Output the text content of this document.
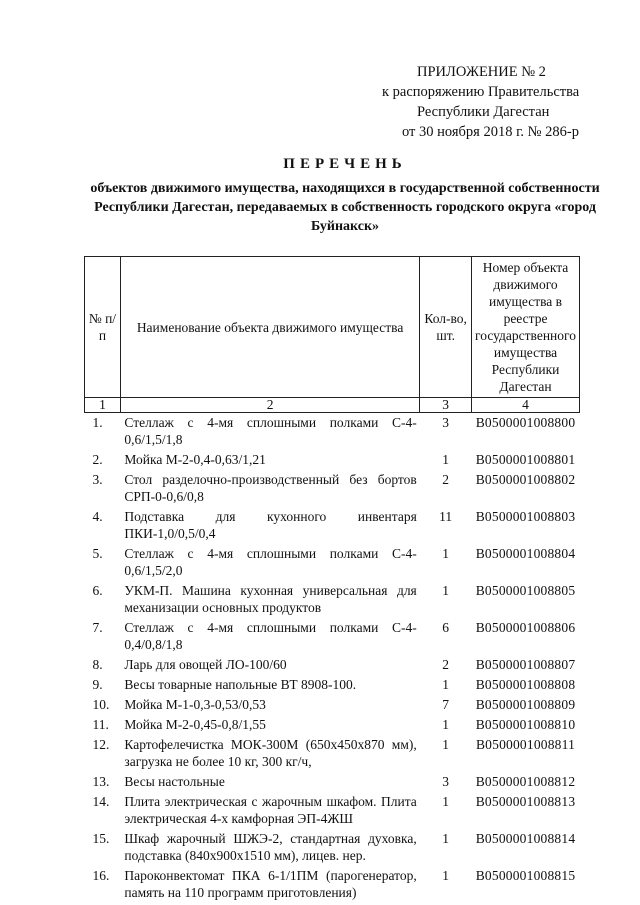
ПРИЛОЖЕНИЕ № 2
к распоряжению Правительства
Республики Дагестан
от 30 ноября 2018 г. № 286-р
ПЕРЕЧЕНЬ
объектов движимого имущества, находящихся в государственной собственности Республики Дагестан, передаваемых в собственность городского округа «город Буйнакск»
№ п/п	Наименование объекта движимого имущества	Кол-во, шт.	Номер объекта движимого имущества в реестре государственного имущества Республики Дагестан
1	2	3	4
1.	Стеллаж с 4-мя сплошными полками С-4-0,6/1,5/1,8	3	В0500001008800
2.	Мойка М-2-0,4-0,63/1,21	1	В0500001008801
3.	Стол разделочно-производственный без бортов СРП-0-0,6/0,8	2	В0500001008802
4.	Подставка для кухонного инвентаря ПКИ-1,0/0,5/0,4	11	В0500001008803
5.	Стеллаж с 4-мя сплошными полками С-4-0,6/1,5/2,0	1	В0500001008804
6.	УКМ-П. Машина кухонная универсальная для механизации основных продуктов	1	В0500001008805
7.	Стеллаж с 4-мя сплошными полками С-4-0,4/0,8/1,8	6	В0500001008806
8.	Ларь для овощей ЛО-100/60	2	В0500001008807
9.	Весы товарные напольные ВТ 8908-100.	1	В0500001008808
10.	Мойка М-1-0,3-0,53/0,53	7	В0500001008809
11.	Мойка М-2-0,45-0,8/1,55	1	В0500001008810
12.	Картофелечистка МОК-300М (650x450x870 мм), загрузка не более 10 кг, 300 кг/ч,	1	В0500001008811
13.	Весы настольные	3	В0500001008812
14.	Плита электрическая с жарочным шкафом. Плита электрическая 4-х камфорная ЭП-4ЖШ	1	В0500001008813
15.	Шкаф жарочный ШЖЭ-2, стандартная духовка, подставка (840x900x1510 мм), лицев. нер.	1	В0500001008814
16.	Пароконвектомат ПКА 6-1/1ПМ (парогенератор, память на 110 программ приготовления)	1	В0500001008815
